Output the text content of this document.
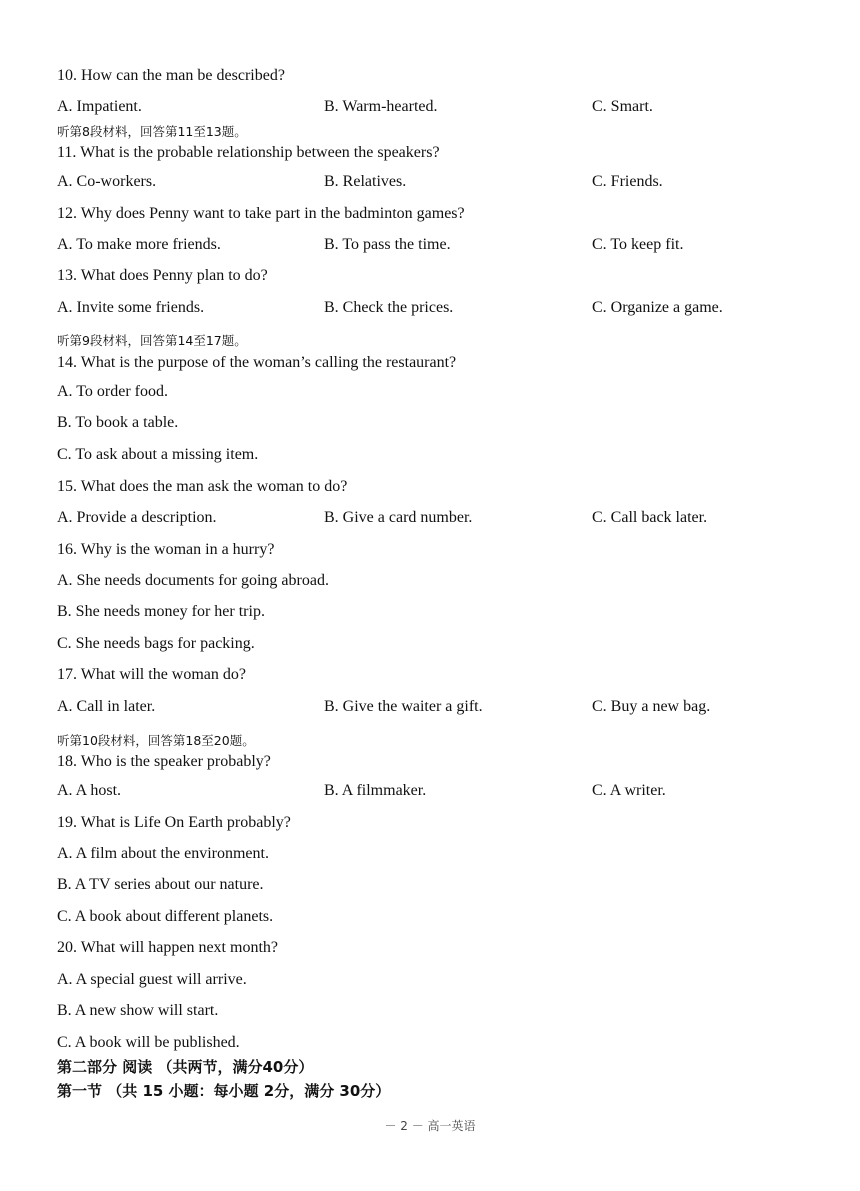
10. How can the man be described?
A. Impatient.	B. Warm-hearted.	C. Smart.
听第8段材料，回答第11至13题。
11. What is the probable relationship between the speakers?
A. Co-workers.	B. Relatives.	C. Friends.
12. Why does Penny want to take part in the badminton games?
A. To make more friends.	B. To pass the time.	C. To keep fit.
13. What does Penny plan to do?
A. Invite some friends.	B. Check the prices.	C. Organize a game.
听第9段材料，回答第14至17题。
14. What is the purpose of the woman’s calling the restaurant?
A. To order food.
B. To book a table.
C. To ask about a missing item.
15. What does the man ask the woman to do?
A. Provide a description.	B. Give a card number.	C. Call back later.
16. Why is the woman in a hurry?
A. She needs documents for going abroad.
B. She needs money for her trip.
C. She needs bags for packing.
17. What will the woman do?
A. Call in later.	B. Give the waiter a gift.	C. Buy a new bag.
听第10段材料，回答第18至20题。
18. Who is the speaker probably?
A. A host.	B. A filmmaker.	C. A writer.
19. What is Life On Earth probably?
A. A film about the environment.
B. A TV series about our nature.
C. A book about different planets.
20. What will happen next month?
A. A special guest will arrive.
B. A new show will start.
C. A book will be published.
第二部分 阅读 （共两节，满分40分）
第一节 （共 15 小题：每小题 2分，满分 30分）
－ 2 － 高一英语
